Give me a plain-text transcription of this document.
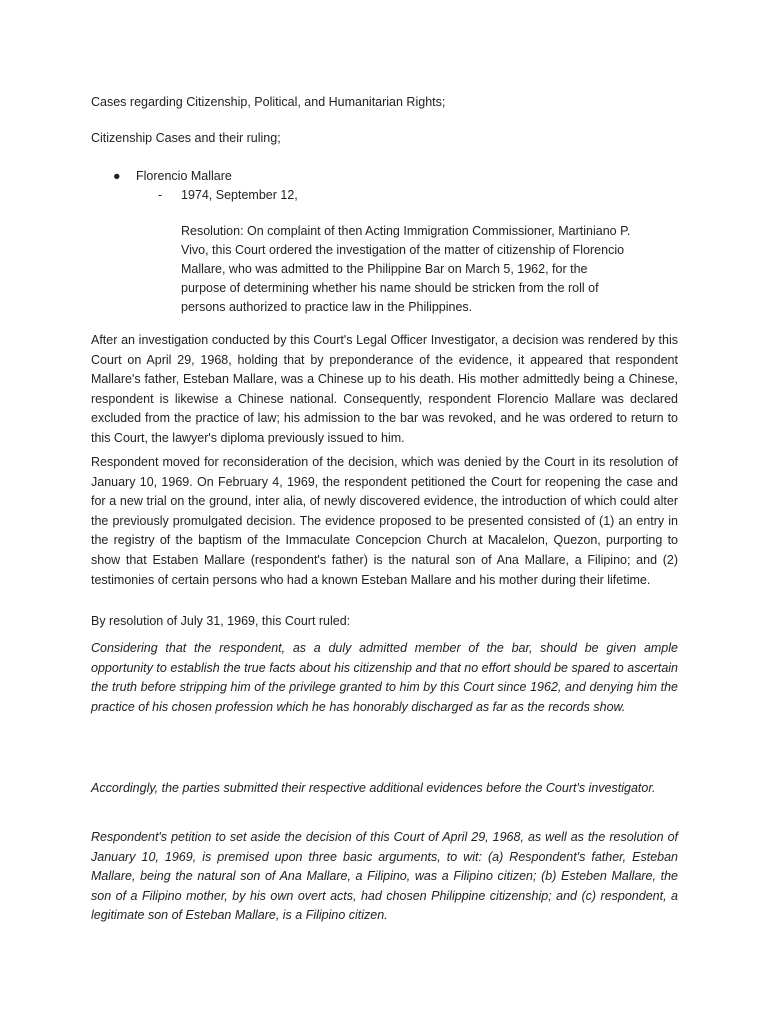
Cases regarding Citizenship, Political, and Humanitarian Rights;
Citizenship Cases and their ruling;
● Florencio Mallare
- 1974, September 12,
Resolution: On complaint of then Acting Immigration Commissioner, Martiniano P.
Vivo, this Court ordered the investigation of the matter of citizenship of Florencio
Mallare, who was admitted to the Philippine Bar on March 5, 1962, for the
purpose of determining whether his name should be stricken from the roll of
persons authorized to practice law in the Philippines.
After an investigation conducted by this Court's Legal Officer Investigator, a decision was rendered by this Court on April 29, 1968, holding that by preponderance of the evidence, it appeared that respondent Mallare's father, Esteban Mallare, was a Chinese up to his death. His mother admittedly being a Chinese, respondent is likewise a Chinese national. Consequently, respondent Florencio Mallare was declared excluded from the practice of law; his admission to the bar was revoked, and he was ordered to return to this Court, the lawyer's diploma previously issued to him.
Respondent moved for reconsideration of the decision, which was denied by the Court in its resolution of January 10, 1969. On February 4, 1969, the respondent petitioned the Court for reopening the case and for a new trial on the ground, inter alia, of newly discovered evidence, the introduction of which could alter the previously promulgated decision. The evidence proposed to be presented consisted of (1) an entry in the registry of the baptism of the Immaculate Concepcion Church at Macalelon, Quezon, purporting to show that Estaben Mallare (respondent's father) is the natural son of Ana Mallare, a Filipino; and (2) testimonies of certain persons who had a known Esteban Mallare and his mother during their lifetime.
By resolution of July 31, 1969, this Court ruled:
Considering that the respondent, as a duly admitted member of the bar, should be given ample opportunity to establish the true facts about his citizenship and that no effort should be spared to ascertain the truth before stripping him of the privilege granted to him by this Court since 1962, and denying him the practice of his chosen profession which he has honorably discharged as far as the records show.
Accordingly, the parties submitted their respective additional evidences before the Court's investigator.
Respondent's petition to set aside the decision of this Court of April 29, 1968, as well as the resolution of January 10, 1969, is premised upon three basic arguments, to wit: (a) Respondent's father, Esteban Mallare, being the natural son of Ana Mallare, a Filipino, was a Filipino citizen; (b) Esteben Mallare, the son of a Filipino mother, by his own overt acts, had chosen Philippine citizenship; and (c) respondent, a legitimate son of Esteban Mallare, is a Filipino citizen.
